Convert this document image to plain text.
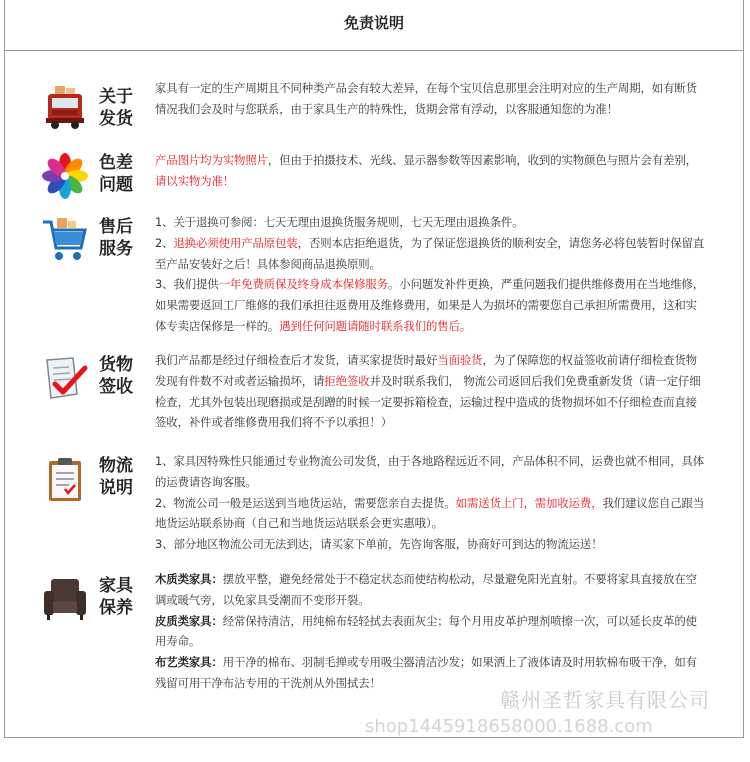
免责说明
关于
发货

家具有一定的生产周期且不同种类产品会有较大差异，在每个宝贝信息那里会注明对应的生产周期，如有断货情况我们会及时与您联系，由于家具生产的特殊性，货期会常有浮动，以客服通知您的为准！

色差
问题

产品图片均为实物照片，但由于拍摄技术、光线、显示器参数等因素影响，收到的实物颜色与照片会有差别，请以实物为准！

售后
服务

1、关于退换可参阅：七天无理由退换货服务规则，七天无理由退换条件。

2、退换必须使用产品原包装，否则本店拒绝退货，为了保证您退换货的顺利安全，请您务必将包装暂时保留直至产品安装好之后！具体参阅商品退换原则。

3、我们提供一年免费质保及终身成本保修服务。小问题发补件更换，严重问题我们提供维修费用在当地维修，如果需要返回工厂维修的我们承担往返费用及维修费用，如果是人为损坏的需要您自己承担所需费用，这和实体专卖店保修是一样的。遇到任何问题请随时联系我们的售后。

货物
签收

我们产品都是经过仔细检查后才发货，请买家提货时最好当面验货，为了保障您的权益签收前请仔细检查货物发现有件数不对或者运输损坏，请拒绝签收并及时联系我们， 物流公司返回后我们免费重新发货（请一定仔细检查，尤其外包装出现磨损或是刮蹭的时候一定要拆箱检查，运输过程中造成的货物损坏如不仔细检查而直接签收，补件或者维修费用我们将不予以承担！）

物流
说明

1、家具因特殊性只能通过专业物流公司发货，由于各地路程远近不同，产品体积不同，运费也就不相同，具体的运费请咨询客服。

2、物流公司一般是运送到当地货运站，需要您亲自去提货。如需送货上门，需加收运费，我们建议您自己跟当地货运站联系协商（自己和当地货运站联系会更实惠哦）。

3、部分地区物流公司无法到达，请买家下单前，先咨询客服，协商好可到达的物流运送！

家具
保养

木质类家具：摆放平整，避免经常处于不稳定状态而使结构松动，尽量避免阳光直射。不要将家具直接放在空调或暖气旁，以免家具受潮而不变形开裂。

皮质类家具：经常保持清洁，用纯棉布轻轻拭去表面灰尘；每个月用皮革护理剂喷擦一次，可以延长皮革的使用寿命。

布艺类家具：用干净的棉布、羽制毛掸或专用吸尘器清洁沙发；如果洒上了液体请及时用软棉布吸干净，如有残留可用干净布沾专用的干洗剂从外围拭去！

赣州圣哲家具有限公司
shop1445918658000.1688.com
